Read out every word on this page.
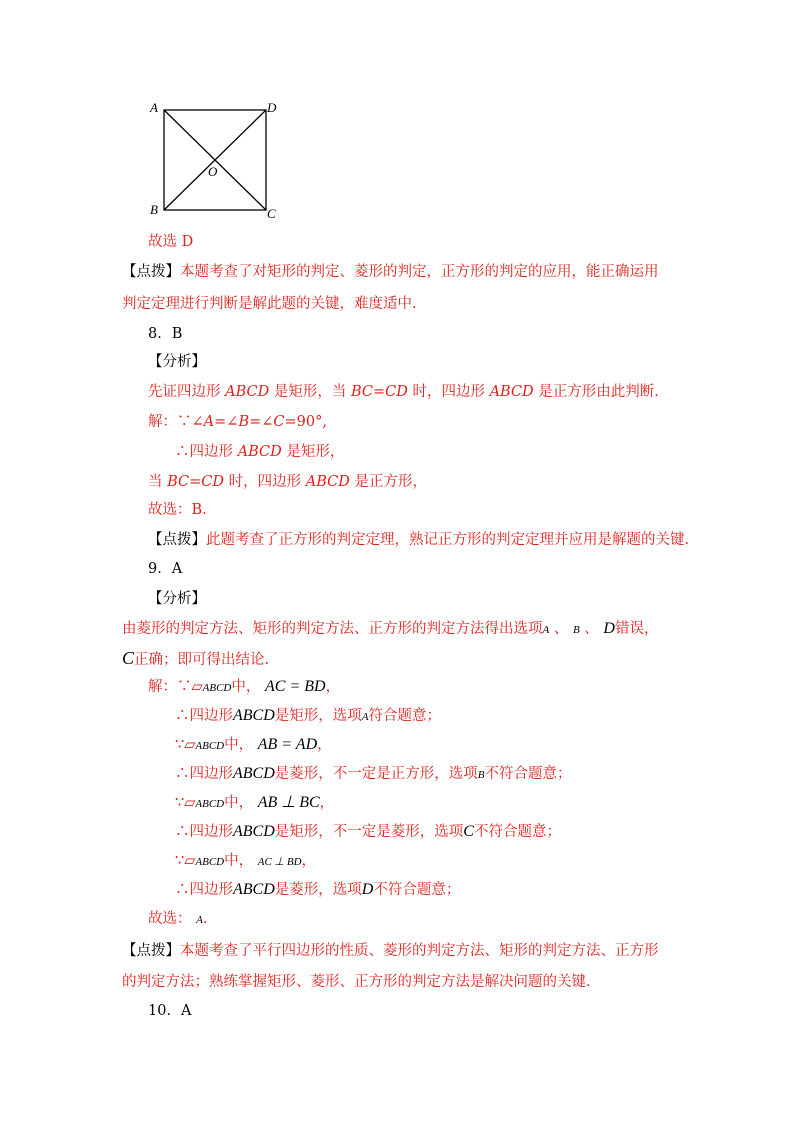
A	D
B	C
O
故选 D
【点拨】本题考查了对矩形的判定、菱形的判定，正方形的判定的应用，能正确运用
判定定理进行判断是解此题的关键，难度适中.
8．B
【分析】
先证四边形 ABCD 是矩形，当 BC=CD 时，四边形 ABCD 是正方形由此判断.
解：∵∠A=∠B=∠C=90°,
∴四边形 ABCD 是矩形，
当 BC=CD 时，四边形 ABCD 是正方形，
故选：B.
【点拨】此题考查了正方形的判定定理，熟记正方形的判定定理并应用是解题的关键.
9．A
【分析】
由菱形的判定方法、矩形的判定方法、正方形的判定方法得出选项A 、 B 、 D错误，
C正确；即可得出结论.
解：∵▱ABCD中， AC = BD，
∴四边形ABCD是矩形，选项A符合题意；
∵▱ABCD中， AB = AD，
∴四边形ABCD是菱形，不一定是正方形，选项B不符合题意；
∵▱ABCD中， AB ⊥ BC，
∴四边形ABCD是矩形，不一定是菱形，选项C不符合题意；
∵▱ABCD中， AC ⊥ BD，
∴四边形ABCD是菱形，选项D不符合题意；
故选： A.
【点拨】本题考查了平行四边形的性质、菱形的判定方法、矩形的判定方法、正方形
的判定方法；熟练掌握矩形、菱形、正方形的判定方法是解决问题的关键.
10．A
